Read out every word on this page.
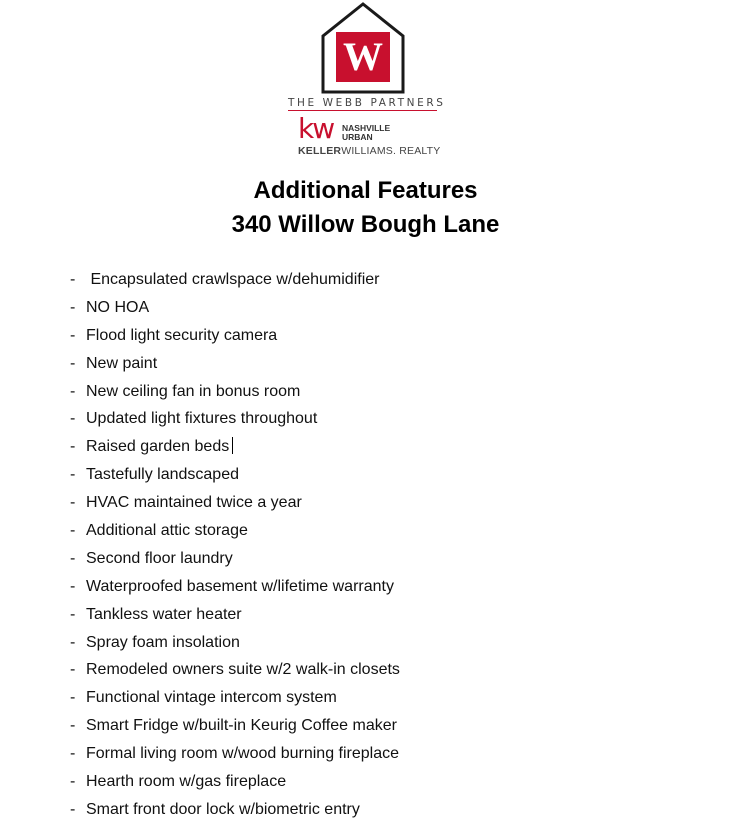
W
THE WEBB PARTNERS
kw NASHVILLE
URBAN
KELLERWILLIAMS. REALTY
Additional Features
340 Willow Bough Lane
- Encapsulated crawlspace w/dehumidifier
- NO HOA
- Flood light security camera
- New paint
- New ceiling fan in bonus room
- Updated light fixtures throughout
- Raised garden beds
- Tastefully landscaped
- HVAC maintained twice a year
- Additional attic storage
- Second floor laundry
- Waterproofed basement w/lifetime warranty
- Tankless water heater
- Spray foam insolation
- Remodeled owners suite w/2 walk-in closets
- Functional vintage intercom system
- Smart Fridge w/built-in Keurig Coffee maker
- Formal living room w/wood burning fireplace
- Hearth room w/gas fireplace
- Smart front door lock w/biometric entry
